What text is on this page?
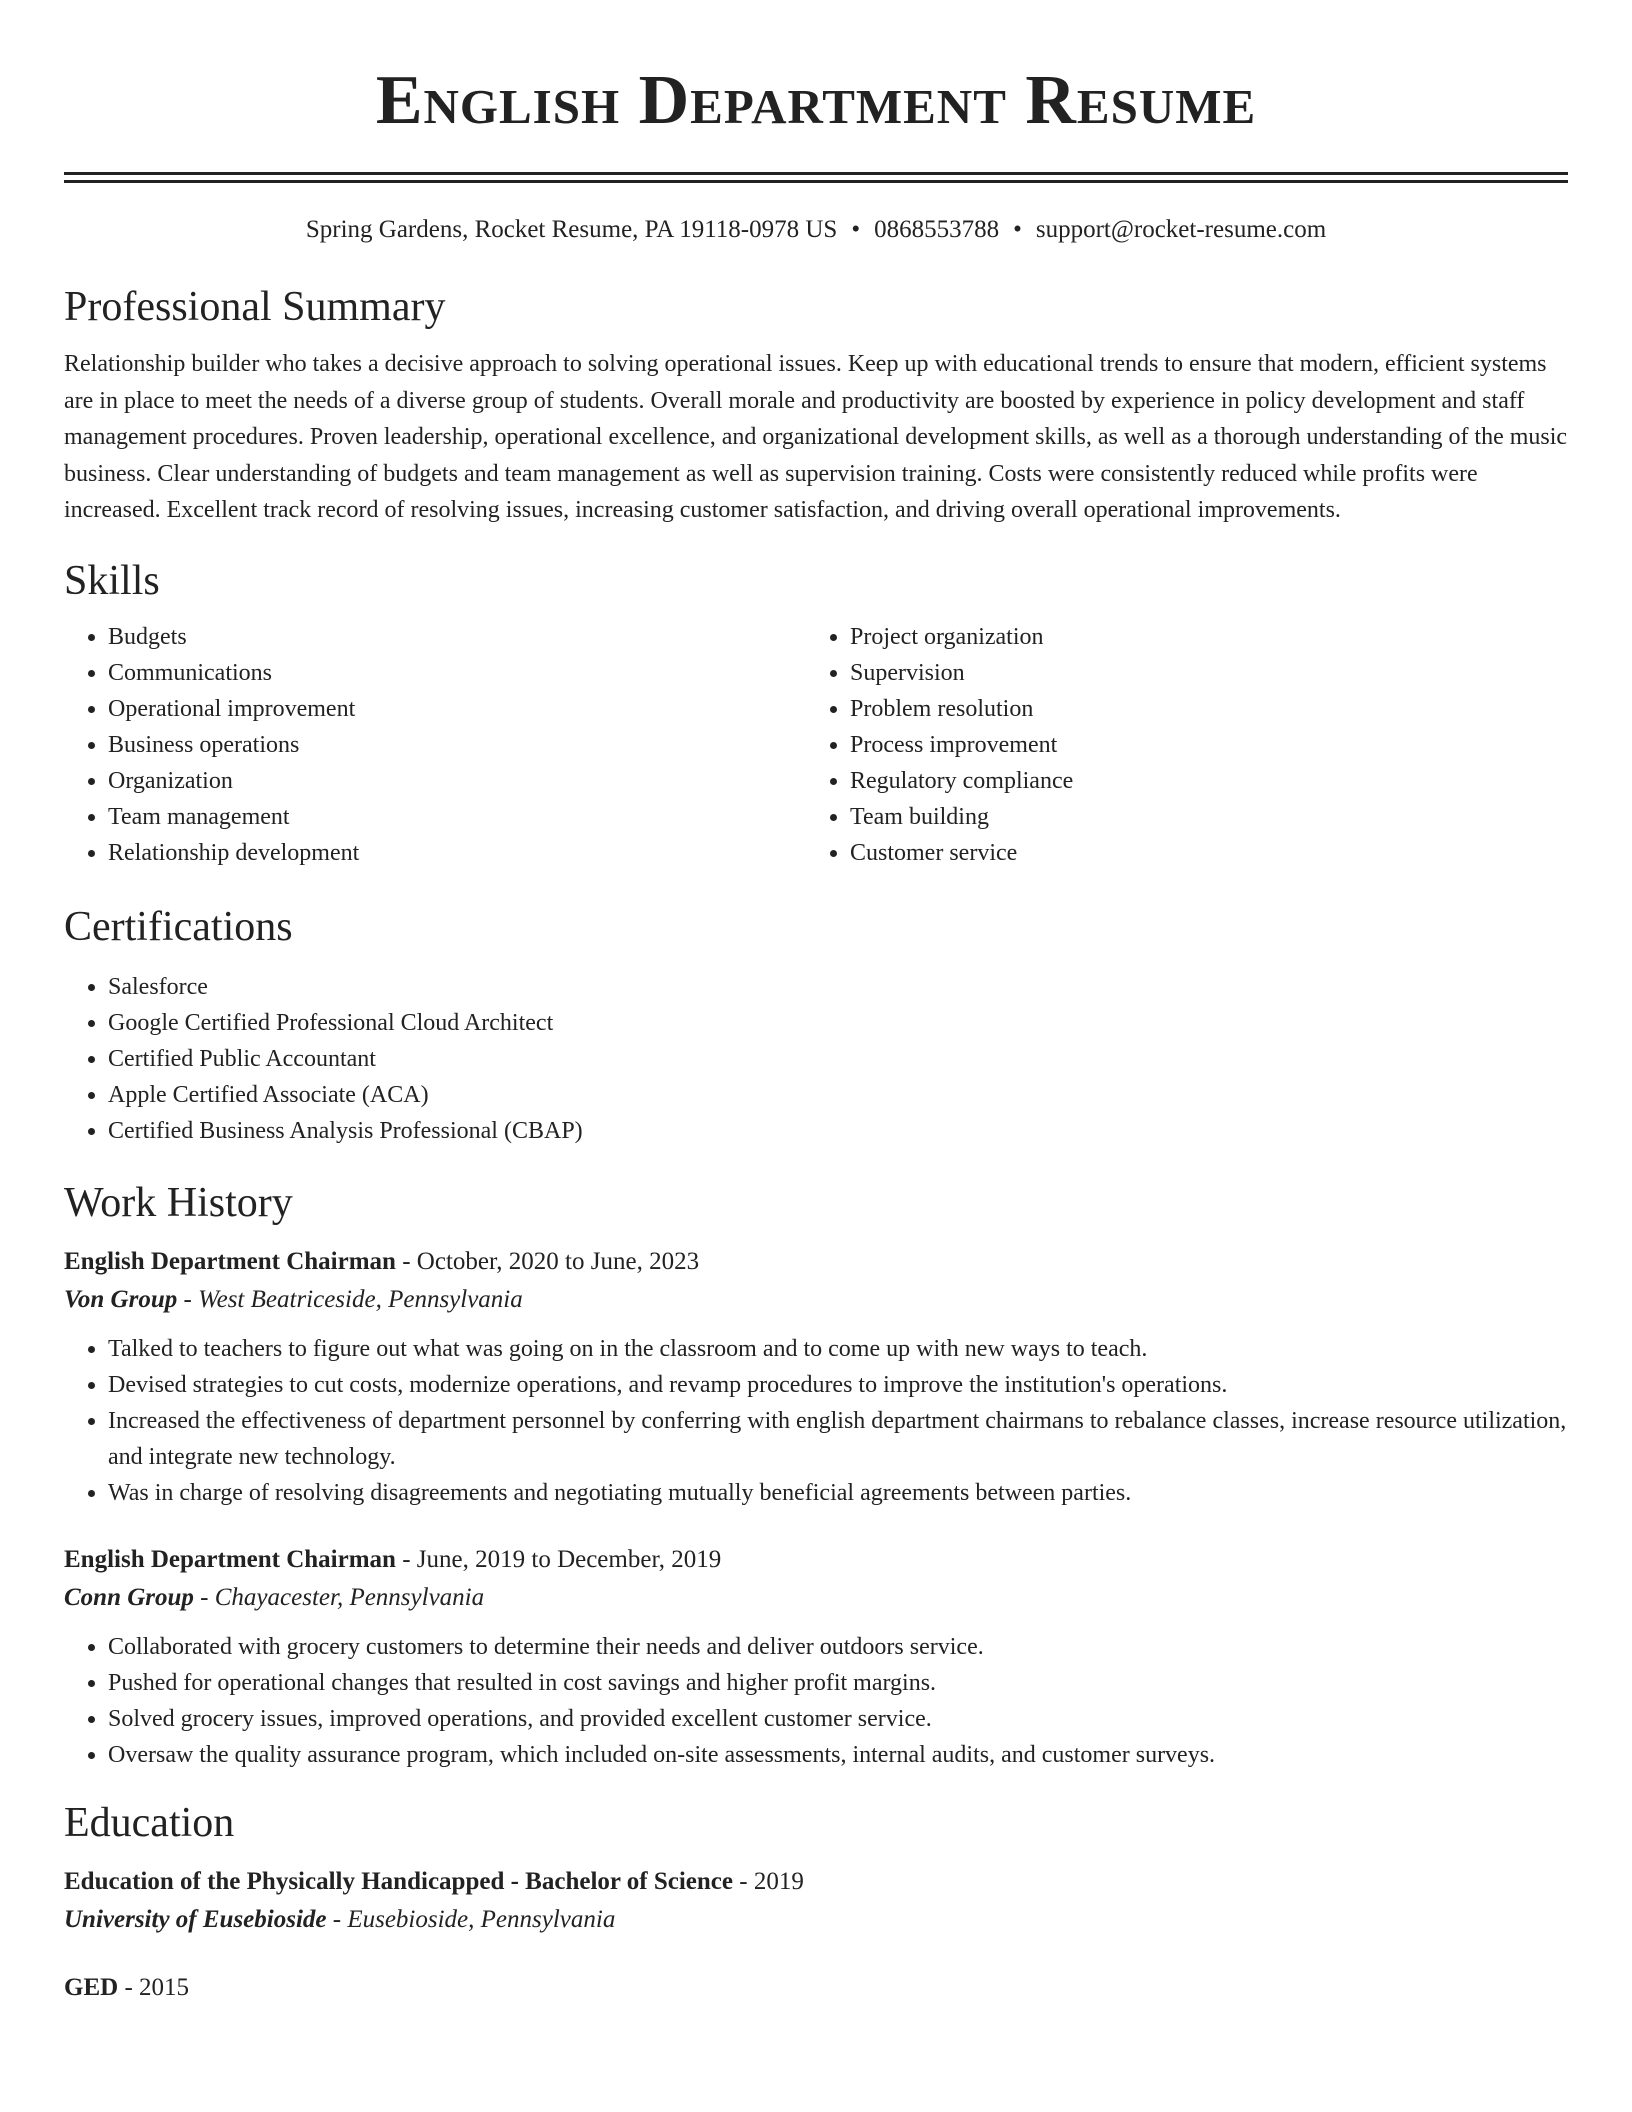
English Department Resume
Spring Gardens, Rocket Resume, PA 19118-0978 US • 0868553788 • support@rocket-resume.com
Professional Summary

Relationship builder who takes a decisive approach to solving operational issues. Keep up with educational trends to ensure that modern, efficient systems are in place to meet the needs of a diverse group of students. Overall morale and productivity are boosted by experience in policy development and staff management procedures. Proven leadership, operational excellence, and organizational development skills, as well as a thorough understanding of the music business. Clear understanding of budgets and team management as well as supervision training. Costs were consistently reduced while profits were increased. Excellent track record of resolving issues, increasing customer satisfaction, and driving overall operational improvements.

Skills
• Budgets
• Communications
• Operational improvement
• Business operations
• Organization
• Team management
• Relationship development
• Project organization
• Supervision
• Problem resolution
• Process improvement
• Regulatory compliance
• Team building
• Customer service
Certifications
• Salesforce
• Google Certified Professional Cloud Architect
• Certified Public Accountant
• Apple Certified Associate (ACA)
• Certified Business Analysis Professional (CBAP)
Work History
English Department Chairman - October, 2020 to June, 2023
Von Group - West Beatriceside, Pennsylvania
• Talked to teachers to figure out what was going on in the classroom and to come up with new ways to teach.
• Devised strategies to cut costs, modernize operations, and revamp procedures to improve the institution's operations.
• Increased the effectiveness of department personnel by conferring with english department chairmans to rebalance classes, increase resource utilization, and integrate new technology.
• Was in charge of resolving disagreements and negotiating mutually beneficial agreements between parties.
English Department Chairman - June, 2019 to December, 2019
Conn Group - Chayacester, Pennsylvania
• Collaborated with grocery customers to determine their needs and deliver outdoors service.
• Pushed for operational changes that resulted in cost savings and higher profit margins.
• Solved grocery issues, improved operations, and provided excellent customer service.
• Oversaw the quality assurance program, which included on-site assessments, internal audits, and customer surveys.
Education
Education of the Physically Handicapped - Bachelor of Science - 2019
University of Eusebioside - Eusebioside, Pennsylvania
GED - 2015
